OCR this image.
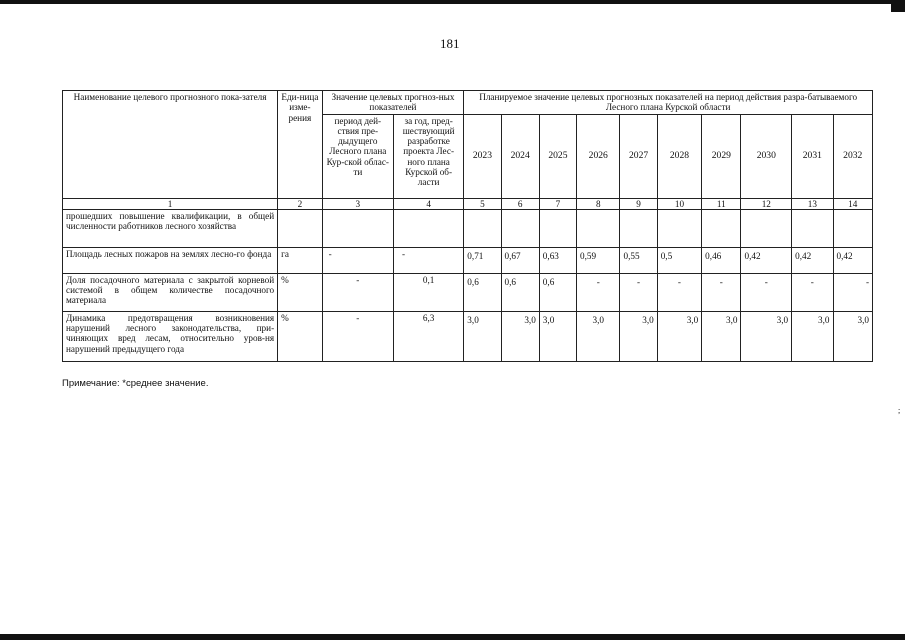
181
Наименование целевого прогнозного пока-зателя	Еди-ница изме-рения	Значение целевых прогноз-ных показателей		Планируемое значение целевых прогнозных показателей на период действия разра-батываемого Лесного плана Курской области									
		период дей-ствия пре-дыдущего Лесного плана Кур-ской облас-ти	за год, пред-шествующий разработке проекта Лес-ного плана Курской об-ласти	2023	2024	2025	2026	2027	2028	2029	2030	2031	2032
1	2	3	4	5	6	7	8	9	10	11	12	13	14
прошедших повышение квалификации, в общей численности работников лесного хозяйства													
Площадь лесных пожаров на землях лесно-го фонда	га	-	-	0,71	0,67	0,63	0,59	0,55	0,5	0,46	0,42	0,42	0,42
Доля посадочного материала с закрытой корневой системой в общем количестве посадочного материала	%	-	0,1	0,6	0,6	0,6	-	-	-	-	-	-	-
Динамика предотвращения возникновения нарушений лесного законодательства, при-чиняющих вред лесам, относительно уров-ня нарушений предыдущего года	%	-	6,3	3,0	3,0	3,0	3,0	3,0	3,0	3,0	3,0	3,0	3,0
Примечание: *среднее значение.
;
